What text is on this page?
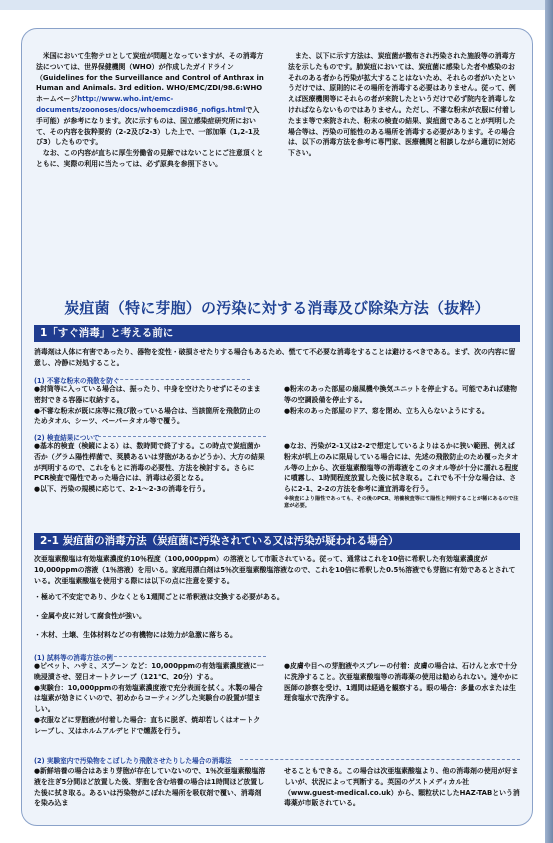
　米国において生物テロとして炭疽が問題となっていますが、その消毒方法については、世界保健機関（WHO）が作成したガイドライン（Guidelines for the Surveillance and Control of Anthrax in Human and Animals. 3rd edition. WHO/EMC/ZDI/98.6:WHOホームページhttp://www.who.int/emc-documents/zoonoses/docs/whoemczdi986_nofigs.htmlで入手可能）が参考になります。次に示すものは、国立感染症研究所において、その内容を抜粋要約（2-2及び2-3）した上で、一部加筆（1,2-1及び3）したものです。
　なお、この内容が直ちに厚生労働省の見解ではないことにご注意頂くとともに、実際の利用に当たっては、必ず原典を参照下さい。
　また、以下に示す方法は、炭疽菌が撒布され汚染された施設等の消毒方法を示したものです。肺炭疽においては、炭疽菌に感染した者や感染のおそれのある者から汚染が拡大することはないため、それらの者がいたというだけでは、原則的にその場所を消毒する必要はありません。従って、例えば医療機関等にそれらの者が来院したというだけで必ず院内を消毒しなければならないものではありません。ただし、不審な粉末が衣服に付着したまま等で来院された、粉末の検査の結果、炭疽菌であることが判明した場合等は、汚染の可能性のある場所を消毒する必要があります。その場合は、以下の消毒方法を参考に専門家、医療機関と相談しながら適切に対応下さい。
炭疽菌（特に芽胞）の汚染に対する消毒及び除染方法（抜粋）
1「すぐ消毒」と考える前に
消毒剤は人体に有害であったり、器物を変性・破損させたりする場合もあるため、慌てて不必要な消毒をすることは避けるべきである。まず、次の内容に留意し、冷静に対処すること。
(1) 不審な粉末の飛散を防ぐ
●封筒等に入っている場合は、振ったり、中身を空けたりせずにそのまま密封できる容器に収納する。
●不審な粉末が既に床等に飛び散っている場合は、当該箇所を飛散防止のためタオル、シーツ、ペーパータオル等で覆う。
●粉末のあった部屋の扇風機や換気ユニットを停止する。可能であれば建物等の空調設備を停止する。
●粉末のあった部屋のドア、窓を閉め、立ち入らないようにする。
(2) 検査結果について
●基本的検査（検鏡による）は、数時間で終了する。この時点で炭疽菌か否か（グラム陽性桿菌で、莢膜あるいは芽胞があるかどうか）、大方の結果が判明するので、これをもとに消毒の必要性、方法を検討する。さらにPCR検査で陽性であった場合には、消毒は必須となる。
●以下、汚染の規模に応じて、2-1〜2-3の消毒を行う。
●なお、汚染が2-1又は2-2で想定しているよりはるかに狭い範囲、例えば粉末が机上のみに限局している場合には、先述の飛散防止のため覆ったタオル等の上から、次亜塩素酸塩等の消毒液をこのタオル等が十分に濡れる程度に噴霧し、1時間程度放置した後に拭き取る。これでも不十分な場合は、さらに2-1、2-2の方法を参考に適宜消毒を行う。
※検査により陽性であっても、その後のPCR、培養検査等にて陽性と判明することが稀にあるので注意が必要。
2-1 炭疽菌の消毒方法（炭疽菌に汚染されている又は汚染が疑われる場合）
次亜塩素酸塩は有効塩素濃度約10％程度（100,000ppm）の溶液として市販されている。従って、通常はこれを10倍に希釈した有効塩素濃度が10,000ppmの溶液（1％溶液）を用いる。家庭用漂白剤は5％次亜塩素酸塩溶液なので、これを10倍に希釈した0.5％溶液でも芽胞に有効であるとされている。次亜塩素酸塩を使用する際には以下の点に注意を要する。
・極めて不安定であり、少なくとも1週間ごとに希釈液は交換する必要がある。
・金属や皮に対して腐食性が強い。
・木材、土壌、生体材料などの有機物には効力が急激に落ちる。
(1) 試料等の消毒方法の例
●ピペット、ハサミ、スプーン など：10,000ppmの有効塩素濃度液に一晩浸漬させ、翌日オートクレーブ（121℃、20分）する。
●実験台：10,000ppmの有効塩素濃度液で充分表面を拭く。木製の場合は塩素が効きにくいので、初めからコーティングした実験台の設置が望ましい。
●衣服などに芽胞液が付着した場合：直ちに脱ぎ、焼却若しくはオートクレーブし、又はホルムアルデヒドで燻蒸を行う。
●皮膚や目への芽胞液やスプレーの付着：皮膚の場合は、石けんと水で十分に洗浄すること。次亜塩素酸塩等の消毒薬の使用は勧められない。速やかに医師の診察を受け、1週間は経過を観察する。眼の場合：多量の水または生理食塩水で洗浄する。
(2) 実験室内で汚染物をこぼしたり飛散させたりした場合の消毒法
●新鮮培養の場合はあまり芽胞が存在していないので、1％次亜塩素酸塩溶液を注ぎ5分間ほど放置した後、芽胞を含む培養の場合は1時間ほど放置した後に拭き取る。あるいは汚染物がこぼれた場所を吸収剤で覆い、消毒剤を染み込ま
せることもできる。この場合は次亜塩素酸塩より、他の消毒剤の使用が好ましいが、状況によって判断する。英国のゲストメディカル社（www.guest-medical.co.uk）から、顆粒状にしたHAZ-TABという消毒薬が市販されている。
